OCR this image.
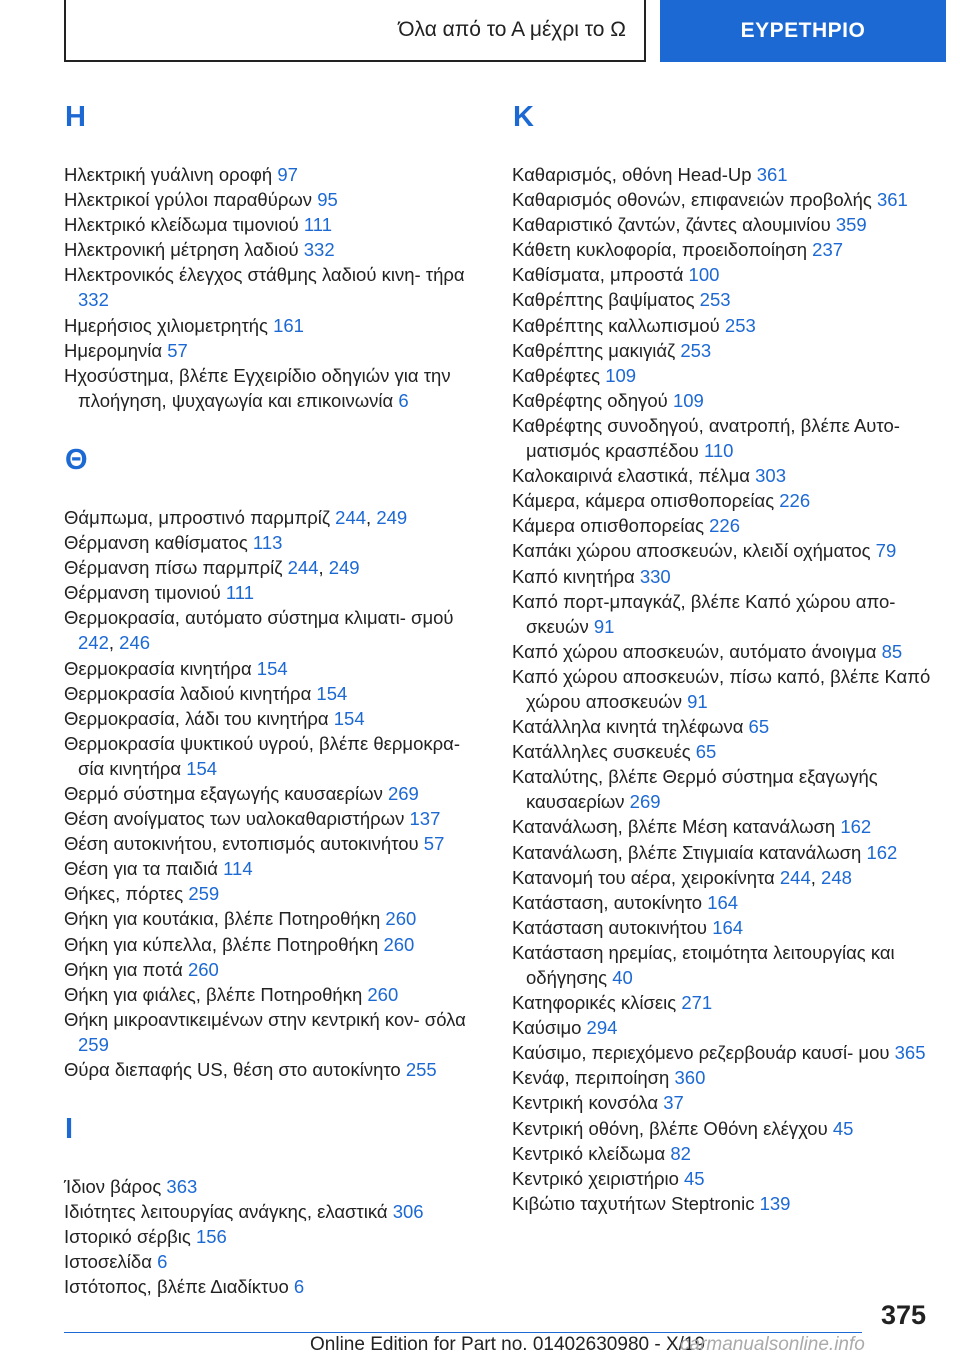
Όλα από το Α μέχρι το Ω	ΕΥΡΕΤΗΡΙΟ
Η
Ηλεκτρική γυάλινη οροφή 97
Ηλεκτρικοί γρύλοι παραθύρων 95
Ηλεκτρικό κλείδωμα τιμονιού 111
Ηλεκτρονική μέτρηση λαδιού 332
Ηλεκτρονικός έλεγχος στάθμης λαδιού κινη- τήρα 332
Ημερήσιος χιλιομετρητής 161
Ημερομηνία 57
Ηχοσύστημα, βλέπε Εγχειρίδιο οδηγιών για την πλοήγηση, ψυχαγωγία και επικοινωνία 6
Θ
Θάμπωμα, μπροστινό παρμπρίζ 244, 249
Θέρμανση καθίσματος 113
Θέρμανση πίσω παρμπρίζ 244, 249
Θέρμανση τιμονιού 111
Θερμοκρασία, αυτόματο σύστημα κλιματι- σμού 242, 246
Θερμοκρασία κινητήρα 154
Θερμοκρασία λαδιού κινητήρα 154
Θερμοκρασία, λάδι του κινητήρα 154
Θερμοκρασία ψυκτικού υγρού, βλέπε θερμοκρα- σία κινητήρα 154
Θερμό σύστημα εξαγωγής καυσαερίων 269
Θέση ανοίγματος των υαλοκαθαριστήρων 137
Θέση αυτοκινήτου, εντοπισμός αυτοκινήτου 57
Θέση για τα παιδιά 114
Θήκες, πόρτες 259
Θήκη για κουτάκια, βλέπε Ποτηροθήκη 260
Θήκη για κύπελλα, βλέπε Ποτηροθήκη 260
Θήκη για ποτά 260
Θήκη για φιάλες, βλέπε Ποτηροθήκη 260
Θήκη μικροαντικειμένων στην κεντρική κον- σόλα 259
Θύρα διεπαφής US, θέση στο αυτοκίνητο 255
Ι
Ίδιον βάρος 363
Ιδιότητες λειτουργίας ανάγκης, ελαστικά 306
Ιστορικό σέρβις 156
Ιστοσελίδα 6
Ιστότοπος, βλέπε Διαδίκτυο 6
Κ
Καθαρισμός, οθόνη Head-Up 361
Καθαρισμός οθονών, επιφανειών προβολής 361
Καθαριστικό ζαντών, ζάντες αλουμινίου 359
Κάθετη κυκλοφορία, προειδοποίηση 237
Καθίσματα, μπροστά 100
Καθρέπτης βαψίματος 253
Καθρέπτης καλλωπισμού 253
Καθρέπτης μακιγιάζ 253
Καθρέφτες 109
Καθρέφτης οδηγού 109
Καθρέφτης συνοδηγού, ανατροπή, βλέπε Αυτο- ματισμός κρασπέδου 110
Καλοκαιρινά ελαστικά, πέλμα 303
Κάμερα, κάμερα οπισθοπορείας 226
Κάμερα οπισθοπορείας 226
Καπάκι χώρου αποσκευών, κλειδί οχήματος 79
Καπό κινητήρα 330
Καπό πορτ-μπαγκάζ, βλέπε Καπό χώρου απο- σκευών 91
Καπό χώρου αποσκευών, αυτόματο άνοιγμα 85
Καπό χώρου αποσκευών, πίσω καπό, βλέπε Καπό χώρου αποσκευών 91
Κατάλληλα κινητά τηλέφωνα 65
Κατάλληλες συσκευές 65
Καταλύτης, βλέπε Θερμό σύστημα εξαγωγής καυσαερίων 269
Κατανάλωση, βλέπε Μέση κατανάλωση 162
Κατανάλωση, βλέπε Στιγμιαία κατανάλωση 162
Κατανομή του αέρα, χειροκίνητα 244, 248
Κατάσταση, αυτοκίνητο 164
Κατάσταση αυτοκινήτου 164
Κατάσταση ηρεμίας, ετοιμότητα λειτουργίας και οδήγησης 40
Κατηφορικές κλίσεις 271
Καύσιμο 294
Καύσιμο, περιεχόμενο ρεζερβουάρ καυσί- μου 365
Κενάφ, περιποίηση 360
Κεντρική κονσόλα 37
Κεντρική οθόνη, βλέπε Οθόνη ελέγχου 45
Κεντρικό κλείδωμα 82
Κεντρικό χειριστήριο 45
Κιβώτιο ταχυτήτων Steptronic 139
375
Online Edition for Part no. 01402630980 - X/19
carmanualsonline.info
